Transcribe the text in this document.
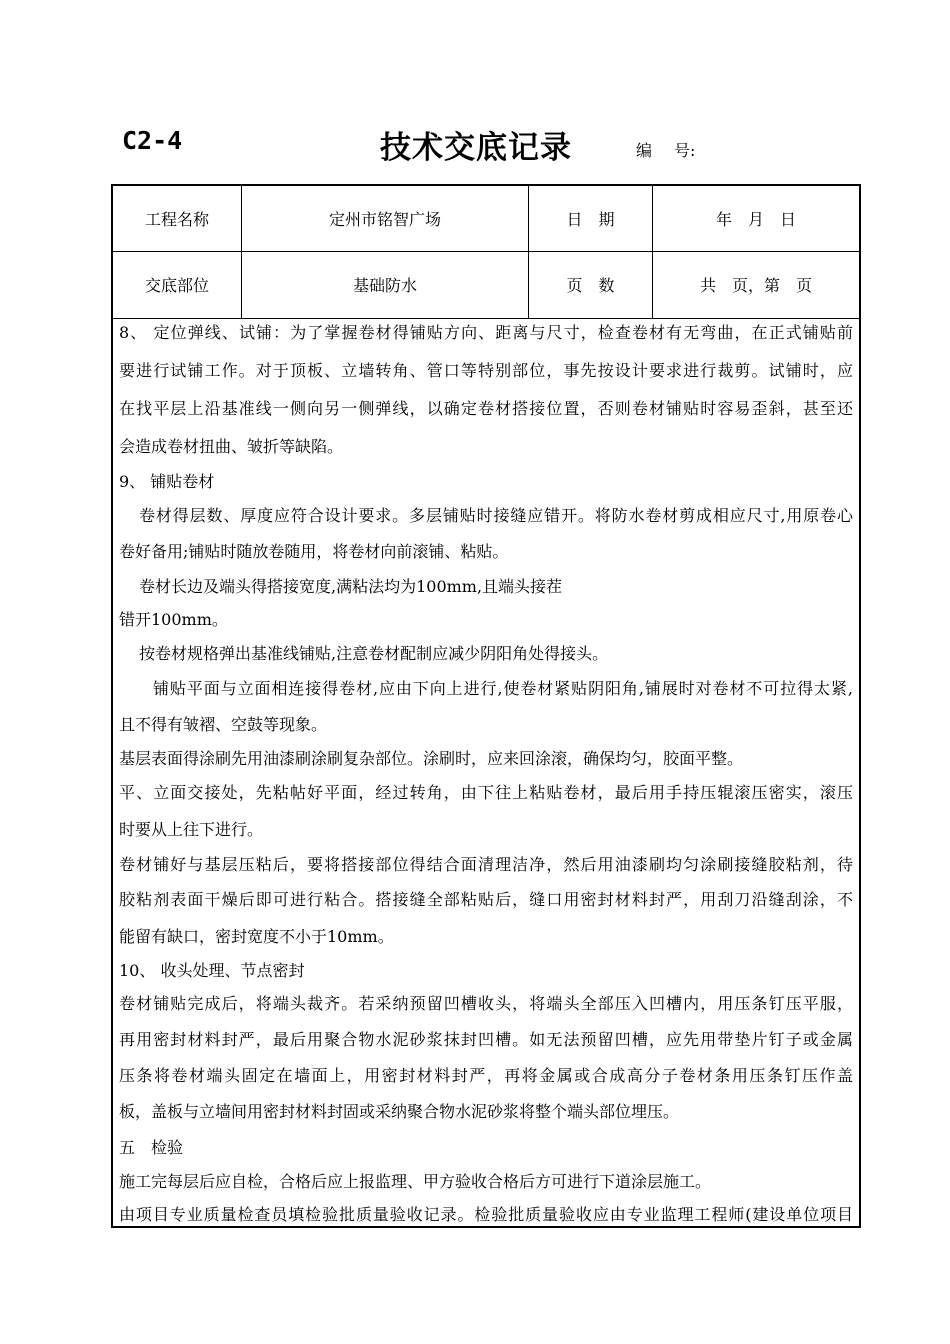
C2-4	技术交底记录	编 号:
工程名称	定州市铭智广场	日　期	年　月　日
交底部位	基础防水	页　数	共　页，第　页
8、 定位弹线、试铺：为了掌握卷材得铺贴方向、距离与尺寸，检查卷材有无弯曲，在正式铺贴前
要进行试铺工作。对于顶板、立墙转角、管口等特别部位，事先按设计要求进行裁剪。试铺时，应
在找平层上沿基准线一侧向另一侧弹线，以确定卷材搭接位置，否则卷材铺贴时容易歪斜，甚至还
会造成卷材扭曲、皱折等缺陷。
9、 铺贴卷材
卷材得层数、厚度应符合设计要求。多层铺贴时接缝应错开。将防水卷材剪成相应尺寸,用原卷心
卷好备用;铺贴时随放卷随用，将卷材向前滚铺、粘贴。
卷材长边及端头得搭接宽度,满粘法均为100mm,且端头接茬
错开100mm。
按卷材规格弹出基准线铺贴,注意卷材配制应减少阴阳角处得接头。
铺贴平面与立面相连接得卷材,应由下向上进行,使卷材紧贴阴阳角,铺展时对卷材不可拉得太紧,
且不得有皱褶、空鼓等现象。
基层表面得涂刷先用油漆刷涂刷复杂部位。涂刷时，应来回涂滚，确保均匀，胶面平整。
平、立面交接处，先粘帖好平面，经过转角，由下往上粘贴卷材，最后用手持压辊滚压密实，滚压
时要从上往下进行。
卷材铺好与基层压粘后，要将搭接部位得结合面清理洁净，然后用油漆刷均匀涂刷接缝胶粘剂，待
胶粘剂表面干燥后即可进行粘合。搭接缝全部粘贴后，缝口用密封材料封严，用刮刀沿缝刮涂，不
能留有缺口，密封宽度不小于10mm。
10、 收头处理、节点密封
卷材铺贴完成后，将端头裁齐。若采纳预留凹槽收头，将端头全部压入凹槽内，用压条钉压平服，
再用密封材料封严，最后用聚合物水泥砂浆抹封凹槽。如无法预留凹槽，应先用带垫片钉子或金属
压条将卷材端头固定在墙面上，用密封材料封严，再将金属或合成高分子卷材条用压条钉压作盖
板，盖板与立墙间用密封材料封固或采纳聚合物水泥砂浆将整个端头部位埋压。
五　检验
施工完每层后应自检，合格后应上报监理、甲方验收合格后方可进行下道涂层施工。
由项目专业质量检查员填检验批质量验收记录。检验批质量验收应由专业监理工程师(建设单位项目
